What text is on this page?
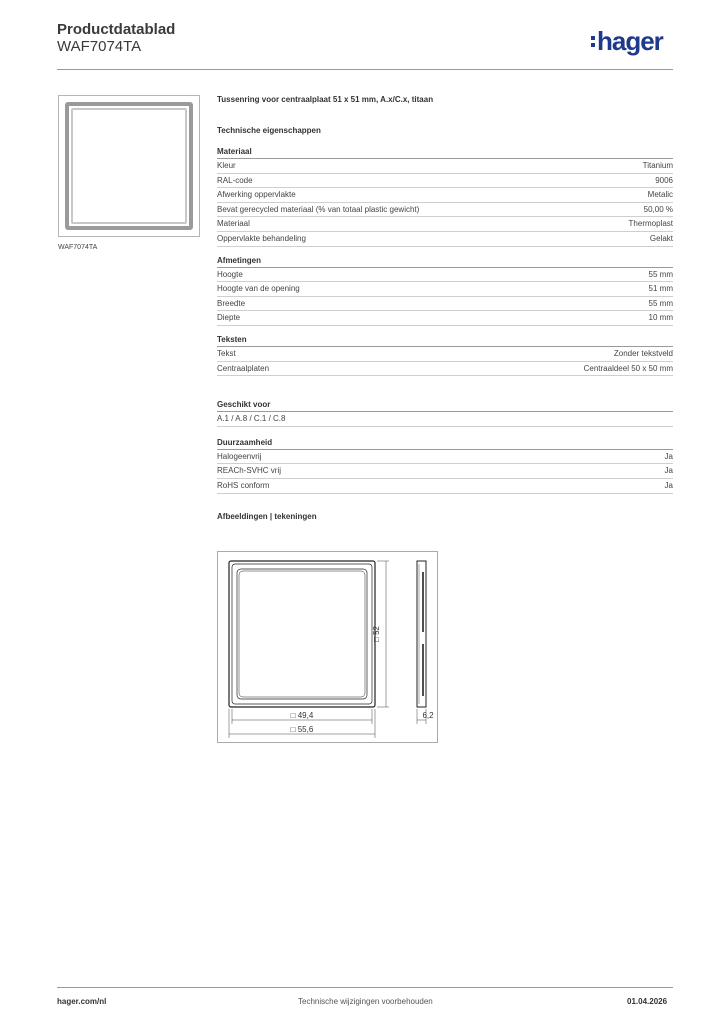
Productdatablad
WAF7074TA	hager
WAF7074TA
Tussenring voor centraalplaat 51 x 51 mm, A.x/C.x, titaan
Technische eigenschappen
Materiaal
Kleur	Titanium
RAL-code	9006
Afwerking oppervlakte	Metalic
Bevat gerecycled materiaal (% van totaal plastic gewicht)	50,00 %
Materiaal	Thermoplast
Oppervlakte behandeling	Gelakt
Afmetingen
Hoogte	55 mm
Hoogte van de opening	51 mm
Breedte	55 mm
Diepte	10 mm
Teksten
Tekst	Zonder tekstveld
Centraalplaten	Centraaldeel 50 x 50 mm
Geschikt voor
A.1 / A.8 / C.1 / C.8
Duurzaamheid
Halogeenvrij	Ja
REACh-SVHC vrij	Ja
RoHS conform	Ja
Afbeeldingen | tekeningen
□ 52
□ 49,4
□ 55,6
6,2
hager.com/nl	Technische wijzigingen voorbehouden	01.04.2026
